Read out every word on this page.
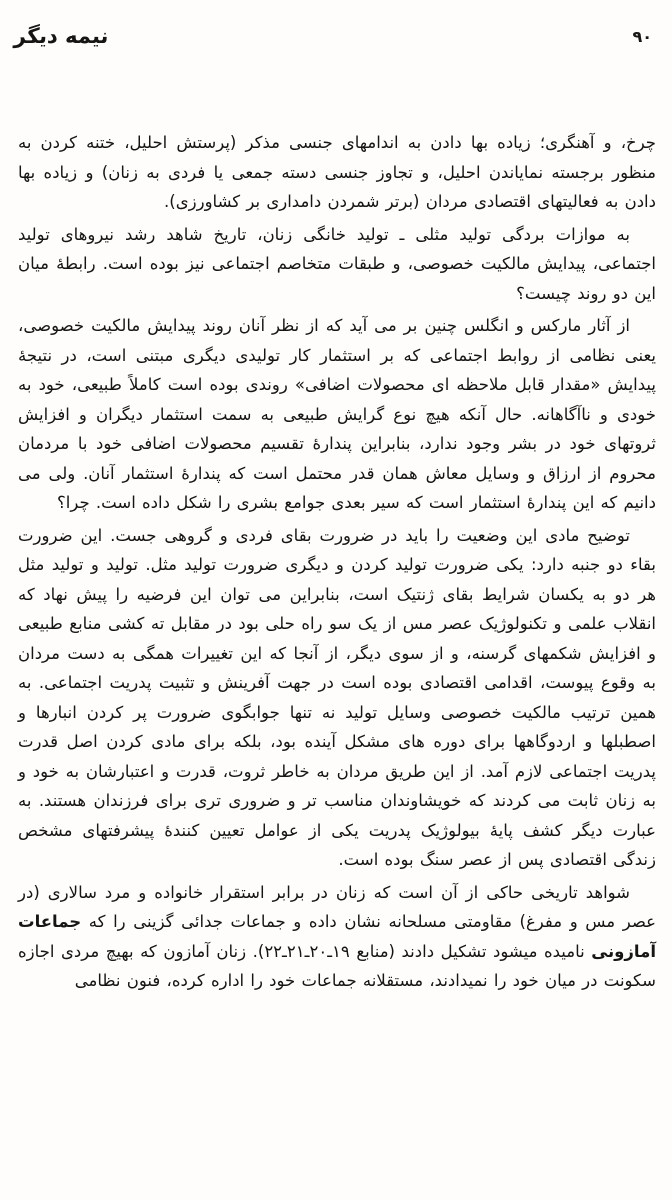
نیمه دیگر	۹۰

چرخ، و آهنگری؛ زیاده بها دادن به اندامهای جنسی مذکر (پرستش احلیل، ختنه کردن به منظور برجسته نمایاندن احلیل، و تجاوز جنسی دسته جمعی یا فردی به زنان) و زیاده بها دادن به فعالیتهای اقتصادی مردان (برتر شمردن دامداری بر کشاورزی).

به موازات بردگی تولید مثلی ـ تولید خانگی زنان، تاریخ شاهد رشد نیروهای تولید اجتماعی، پیدایش مالکیت خصوصی، و طبقات متخاصم اجتماعی نیز بوده است. رابطۀ میان این دو روند چیست؟

از آثار مارکس و انگلس چنین بر می آید که از نظر آنان روند پیدایش مالکیت خصوصی، یعنی نظامی از روابط اجتماعی که بر استثمار کار تولیدی دیگری مبتنی است، در نتیجۀ پیدایش «مقدار قابل ملاحظه ای محصولات اضافی» روندی بوده است کاملاً طبیعی، خود به خودی و ناآگاهانه. حال آنکه هیچ نوع گرایش طبیعی به سمت استثمار دیگران و افزایش ثروتهای خود در بشر وجود ندارد، بنابراین پندارۀ تقسیم محصولات اضافی خود با مردمان محروم از ارزاق و وسایل معاش همان قدر محتمل است که پندارۀ استثمار آنان. ولی می دانیم که این پندارۀ استثمار است که سیر بعدی جوامع بشری را شکل داده است. چرا؟

توضیح مادی این وضعیت را باید در ضرورت بقای فردی و گروهی جست. این ضرورت بقاء دو جنبه دارد: یکی ضرورت تولید کردن و دیگری ضرورت تولید مثل. تولید و تولید مثل هر دو به یکسان شرایط بقای ژنتیک است، بنابراین می توان این فرضیه را پیش نهاد که انقلاب علمی و تکنولوژیک عصر مس از یک سو راه حلی بود در مقابل ته کشی منابع طبیعی و افزایش شکمهای گرسنه، و از سوی دیگر، از آنجا که این تغییرات همگی به دست مردان به وقوع پیوست، اقدامی اقتصادی بوده است در جهت آفرینش و تثبیت پدریت اجتماعی. به همین ترتیب مالکیت خصوصی وسایل تولید نه تنها جوابگوی ضرورت پر کردن انبارها و اصطبلها و اردوگاهها برای دوره های مشکل آینده بود، بلکه برای مادی کردن اصل قدرت پدریت اجتماعی لازم آمد. از این طریق مردان به خاطر ثروت، قدرت و اعتبارشان به خود و به زنان ثابت می کردند که خویشاوندان مناسب تر و ضروری تری برای فرزندان هستند. به عبارت دیگر کشف پایۀ بیولوژیک پدریت یکی از عوامل تعیین کنندۀ پیشرفتهای مشخص زندگی اقتصادی پس از عصر سنگ بوده است.

شواهد تاریخی حاکی از آن است که زنان در برابر استقرار خانواده و مرد سالاری (در عصر مس و مفرغ) مقاومتی مسلحانه نشان داده و جماعات جدائی گزینی را که جماعات آمازونی نامیده میشود تشکیل دادند (منابع ۱۹ـ۲۰ـ۲۱ـ۲۲). زنان آمازون که بهیچ مردی اجازه سکونت در میان خود را نمیدادند، مستقلانه جماعات خود را اداره کرده، فنون نظامی
